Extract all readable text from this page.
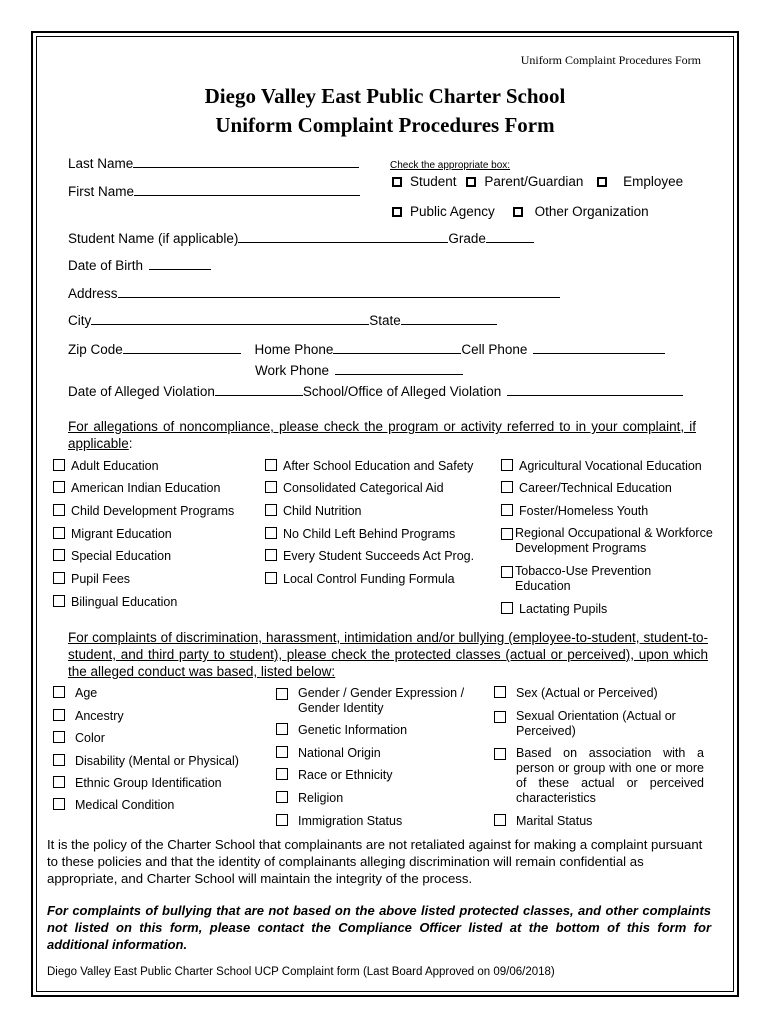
Uniform Complaint Procedures Form
Diego Valley East Public Charter School
Uniform Complaint Procedures Form
Last Name
First Name
Check the appropriate box:
Student Parent/Guardian	Employee
Public Agency	Other Organization
Student Name (if applicable)	Grade
Date of Birth
Address
City	State
Zip Code	Home Phone	Cell Phone
Work Phone
Date of Alleged Violation	School/Office of Alleged Violation
For allegations of noncompliance, please check the program or activity referred to in your complaint, if applicable:
Adult Education
American Indian Education
Child Development Programs
Migrant Education
Special Education
Pupil Fees
Bilingual Education
After School Education and Safety
Consolidated Categorical Aid
Child Nutrition
No Child Left Behind Programs
Every Student Succeeds Act Prog.
Local Control Funding Formula
Agricultural Vocational Education
Career/Technical Education
Foster/Homeless Youth
Regional Occupational & Workforce Development Programs
Tobacco-Use Prevention Education
Lactating Pupils
For complaints of discrimination, harassment, intimidation and/or bullying (employee-to-student, student-to-student, and third party to student), please check the protected classes (actual or perceived), upon which the alleged conduct was based, listed below:
Age
Ancestry
Color
Disability (Mental or Physical)
Ethnic Group Identification
Medical Condition
Gender / Gender Expression / Gender Identity
Genetic Information
National Origin
Race or Ethnicity
Religion
Immigration Status
Sex (Actual or Perceived)
Sexual Orientation (Actual or Perceived)
Based on association with a person or group with one or more of these actual or perceived characteristics
Marital Status
It is the policy of the Charter School that complainants are not retaliated against for making a complaint pursuant to these policies and that the identity of complainants alleging discrimination will remain confidential as appropriate, and Charter School will maintain the integrity of the process.
For complaints of bullying that are not based on the above listed protected classes, and other complaints not listed on this form, please contact the Compliance Officer listed at the bottom of this form for additional information.
Diego Valley East Public Charter School UCP Complaint form (Last Board Approved on 09/06/2018)
